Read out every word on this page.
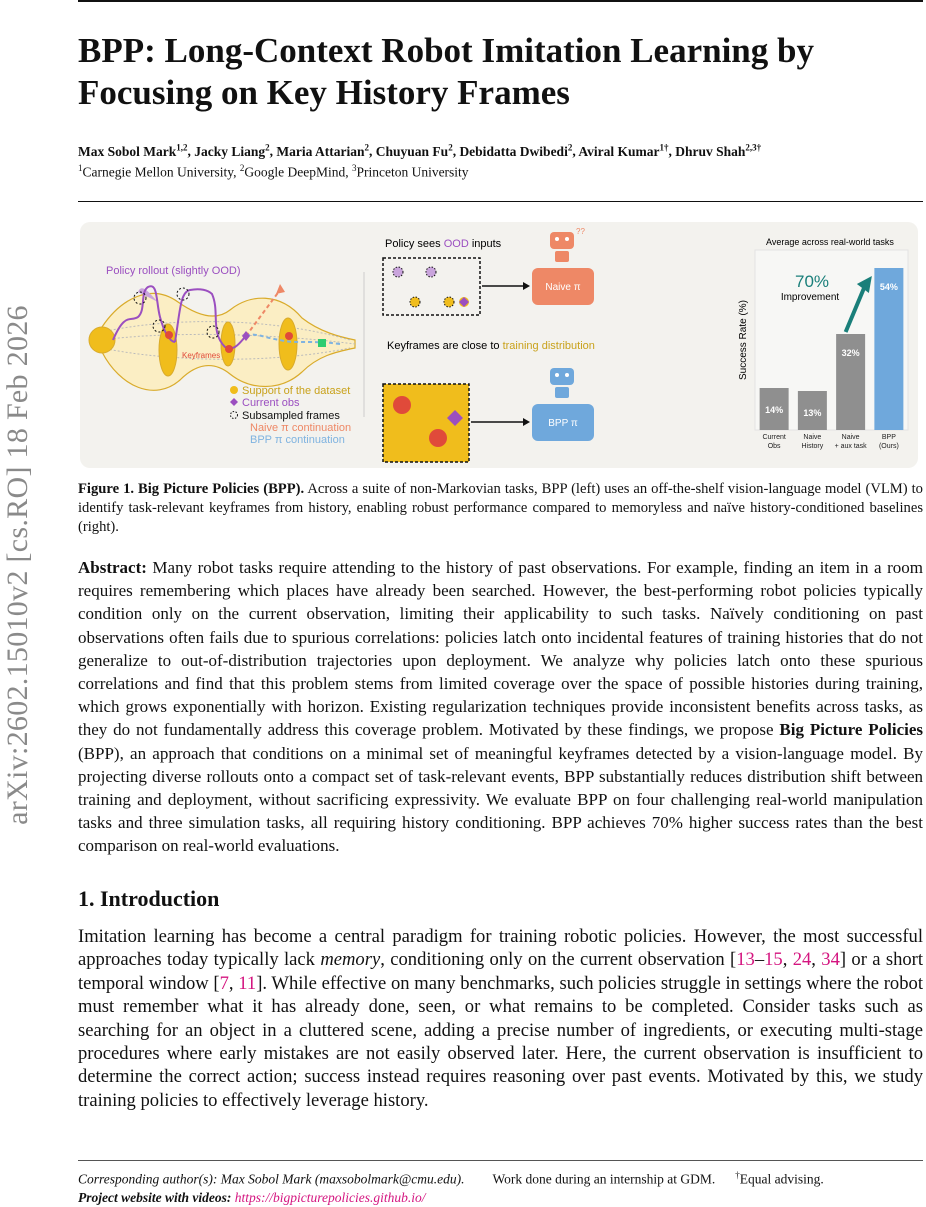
arXiv:2602.15010v2 [cs.RO] 18 Feb 2026
BPP: Long-Context Robot Imitation Learning by Focusing on Key History Frames
Max Sobol Mark$^{1,2}$, Jacky Liang$^2$, Maria Attarian$^2$, Chuyuan Fu$^2$, Debidatta Dwibedi$^2$, Aviral Kumar$^{1\dagger}$, Dhruv Shah$^{2,3\dagger}$
$^1$Carnegie Mellon University, $^2$Google DeepMind, $^3$Princeton University
Policy rollout (slightly OOD)
Keyframes
Support of the dataset
Current obs
Subsampled frames
Naive π continuation
BPP π continuation
Policy sees OOD inputs
Naive π
??
Keyframes are close to training distribution
BPP π
Average across real-world tasks
Success Rate (%)
70%
Improvement
14%
Current
Obs
13%
Naive
History
32%
Naive
+ aux task
54%
BPP
(Ours)
Figure 1. Big Picture Policies (BPP). Across a suite of non-Markovian tasks, BPP (left) uses an off-the-shelf vision-language model (VLM) to identify task-relevant keyframes from history, enabling robust performance compared to memoryless and naïve history-conditioned baselines (right).
Abstract: Many robot tasks require attending to the history of past observations. For example, finding an item in a room requires remembering which places have already been searched. However, the best-performing robot policies typically condition only on the current observation, limiting their applicability to such tasks. Naïvely conditioning on past observations often fails due to spurious correlations: policies latch onto incidental features of training histories that do not generalize to out-of-distribution trajectories upon deployment. We analyze why policies latch onto these spurious correlations and find that this problem stems from limited coverage over the space of possible histories during training, which grows exponentially with horizon. Existing regularization techniques provide inconsistent benefits across tasks, as they do not fundamentally address this coverage problem. Motivated by these findings, we propose Big Picture Policies (BPP), an approach that conditions on a minimal set of meaningful keyframes detected by a vision-language model. By projecting diverse rollouts onto a compact set of task-relevant events, BPP substantially reduces distribution shift between training and deployment, without sacrificing expressivity. We evaluate BPP on four challenging real-world manipulation tasks and three simulation tasks, all requiring history conditioning. BPP achieves 70% higher success rates than the best comparison on real-world evaluations.
1. Introduction
Imitation learning has become a central paradigm for training robotic policies. However, the most successful approaches today typically lack memory, conditioning only on the current observation [13–15, 24, 34] or a short temporal window [7, 11]. While effective on many benchmarks, such policies struggle in settings where the robot must remember what it has already done, seen, or what remains to be completed. Consider tasks such as searching for an object in a cluttered scene, adding a precise number of ingredients, or executing multi-stage procedures where early mistakes are not easily observed later. Here, the current observation is insufficient to determine the correct action; success instead requires reasoning over past events. Motivated by this, we study training policies to effectively leverage history.
Corresponding author(s): Max Sobol Mark (maxsobolmark@cmu.edu). Work done during an internship at GDM. †Equal advising.
Project website with videos: https://bigpicturepolicies.github.io/
